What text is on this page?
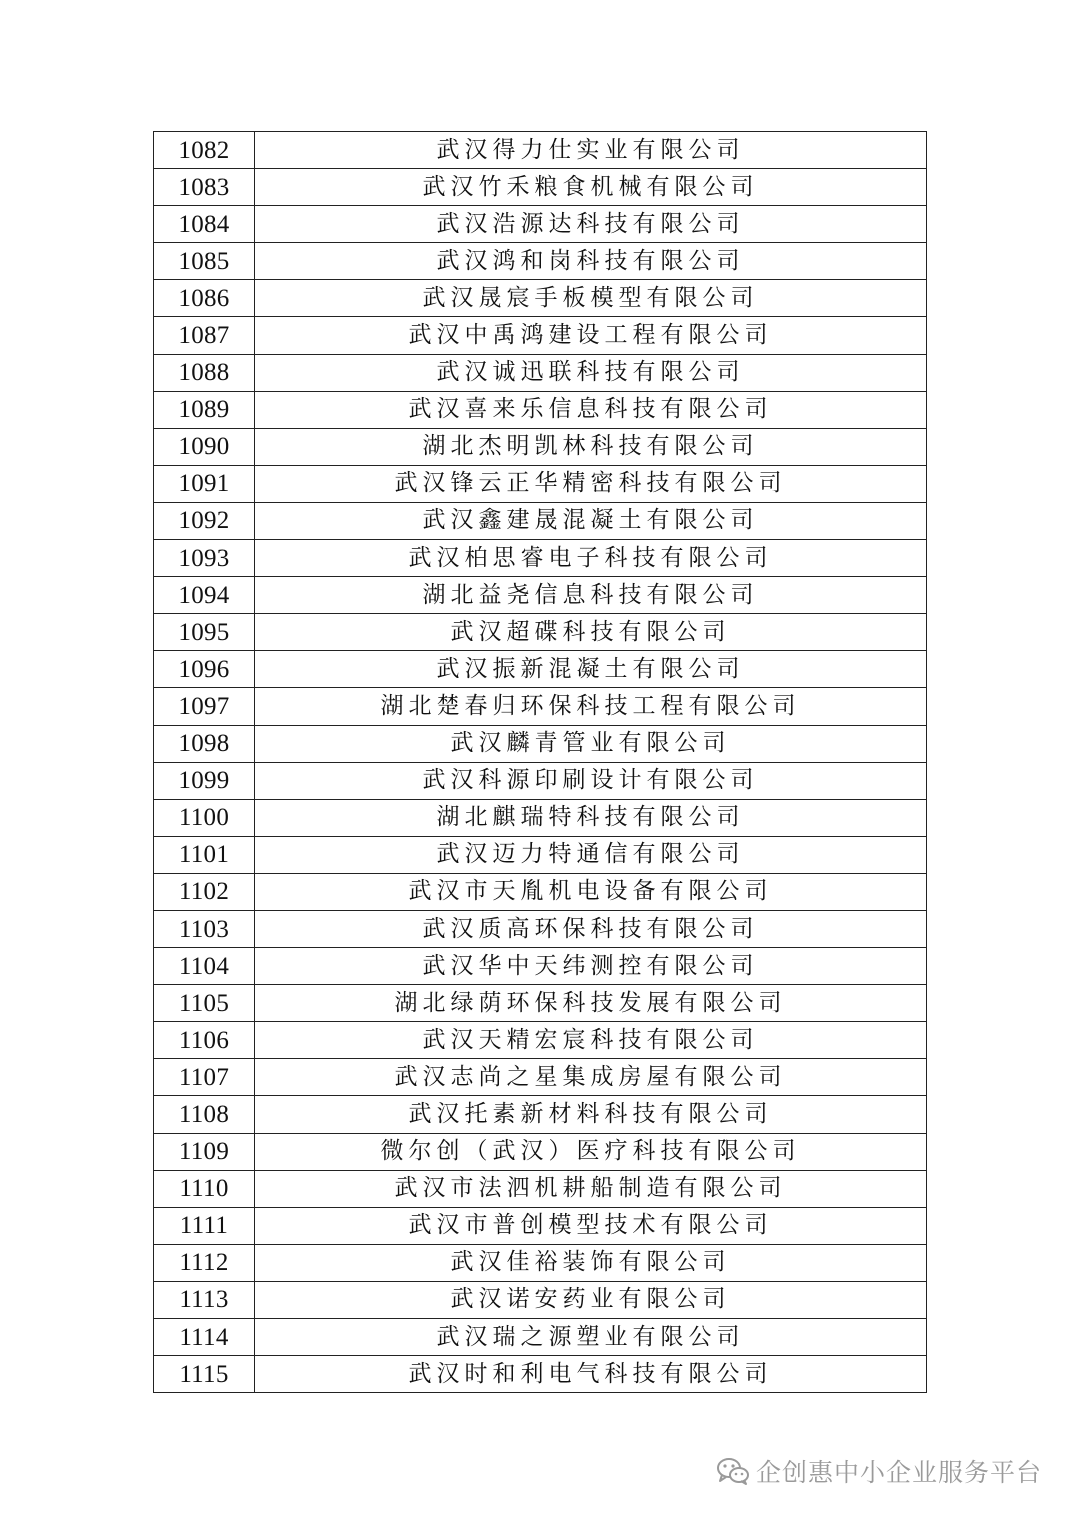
1082	武汉得力仕实业有限公司
1083	武汉竹禾粮食机械有限公司
1084	武汉浩源达科技有限公司
1085	武汉鸿和岗科技有限公司
1086	武汉晟宸手板模型有限公司
1087	武汉中禹鸿建设工程有限公司
1088	武汉诚迅联科技有限公司
1089	武汉喜来乐信息科技有限公司
1090	湖北杰明凯林科技有限公司
1091	武汉锋云正华精密科技有限公司
1092	武汉鑫建晟混凝土有限公司
1093	武汉柏思睿电子科技有限公司
1094	湖北益尧信息科技有限公司
1095	武汉超碟科技有限公司
1096	武汉振新混凝土有限公司
1097	湖北楚春归环保科技工程有限公司
1098	武汉麟青管业有限公司
1099	武汉科源印刷设计有限公司
1100	湖北麒瑞特科技有限公司
1101	武汉迈力特通信有限公司
1102	武汉市天胤机电设备有限公司
1103	武汉质高环保科技有限公司
1104	武汉华中天纬测控有限公司
1105	湖北绿荫环保科技发展有限公司
1106	武汉天精宏宸科技有限公司
1107	武汉志尚之星集成房屋有限公司
1108	武汉托素新材料科技有限公司
1109	微尔创（武汉）医疗科技有限公司
1110	武汉市法泗机耕船制造有限公司
1111	武汉市普创模型技术有限公司
1112	武汉佳裕装饰有限公司
1113	武汉诺安药业有限公司
1114	武汉瑞之源塑业有限公司
1115	武汉时和利电气科技有限公司
企创惠中小企业服务平台
